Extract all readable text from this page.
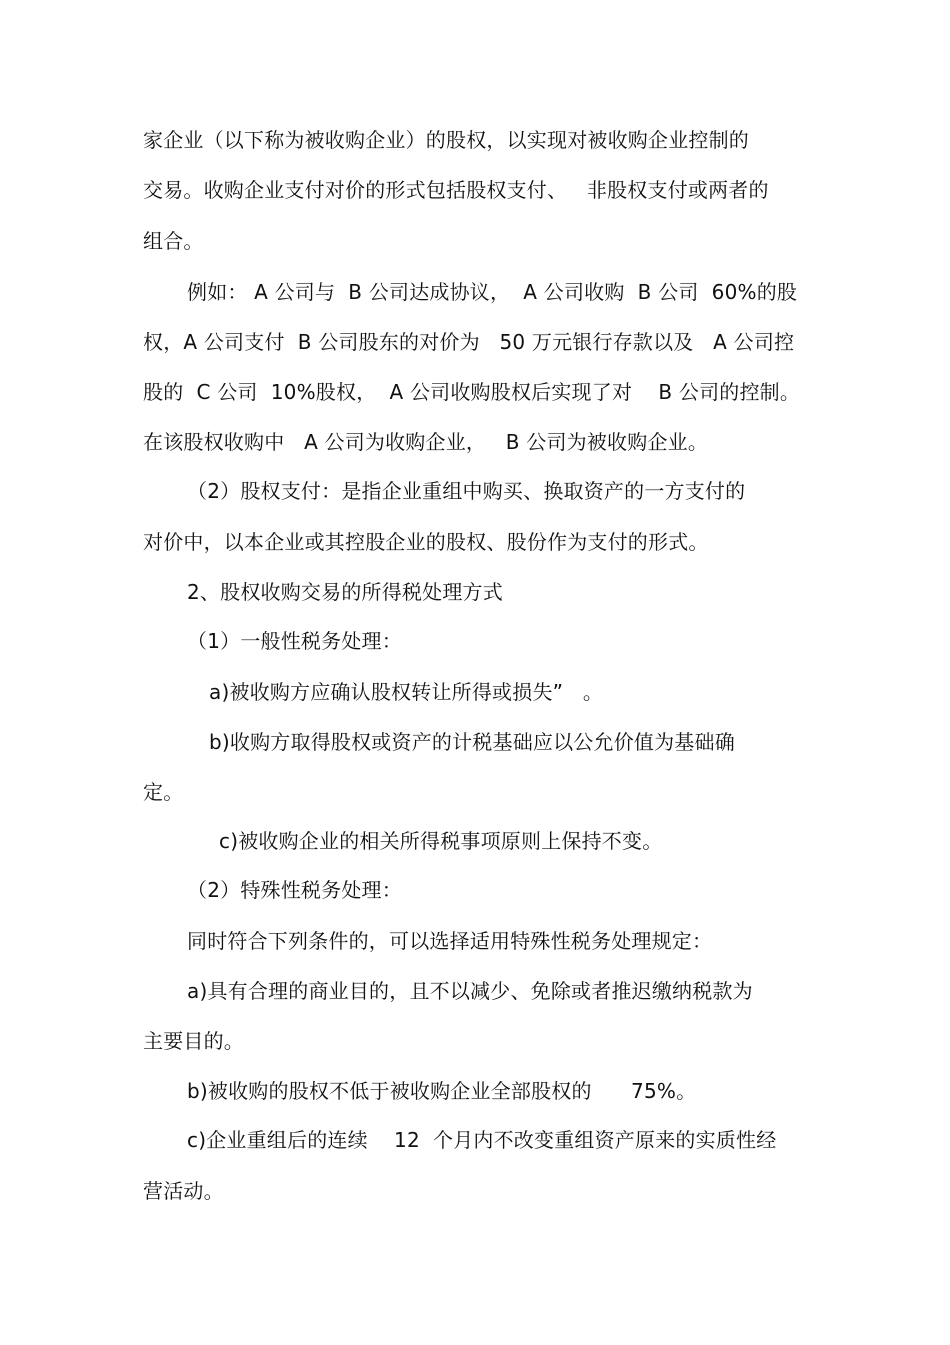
家企业（以下称为被收购企业）的股权，以实现对被收购企业控制的
交易。收购企业支付对价的形式包括股权支付、   非股权支付或两者的
组合。
例如： A 公司与  B 公司达成协议，  A 公司收购  B 公司  60%的股
权，A 公司支付  B 公司股东的对价为   50 万元银行存款以及   A 公司控
股的  C 公司  10%股权，  A 公司收购股权后实现了对    B 公司的控制。
在该股权收购中   A 公司为收购企业，   B 公司为被收购企业。
（2）股权支付：是指企业重组中购买、换取资产的一方支付的
对价中，以本企业或其控股企业的股权、股份作为支付的形式。
2、股权收购交易的所得税处理方式
（1）一般性税务处理：
a)被收购方应确认股权转让所得或损失”   。
b)收购方取得股权或资产的计税基础应以公允价值为基础确
定。
c)被收购企业的相关所得税事项原则上保持不变。
（2）特殊性税务处理：
同时符合下列条件的，可以选择适用特殊性税务处理规定：
a)具有合理的商业目的，且不以减少、免除或者推迟缴纳税款为
主要目的。
b)被收购的股权不低于被收购企业全部股权的      75%。
c)企业重组后的连续    12  个月内不改变重组资产原来的实质性经
营活动。
